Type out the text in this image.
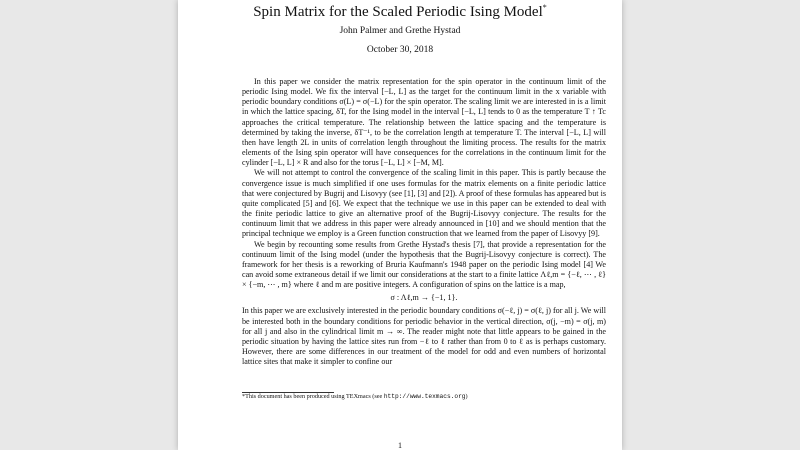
Spin Matrix for the Scaled Periodic Ising Model*
John Palmer and Grethe Hystad
October 30, 2018

In this paper we consider the matrix representation for the spin operator in the continuum limit of the periodic Ising model. We fix the interval [−L, L] as the target for the continuum limit in the x variable with periodic boundary conditions σ(L) = σ(−L) for the spin operator. The scaling limit we are interested in is a limit in which the lattice spacing, δT, for the Ising model in the interval [−L, L] tends to 0 as the temperature T ↑ Tc approaches the critical temperature. The relationship between the lattice spacing and the temperature is determined by taking the inverse, δT⁻¹, to be the correlation length at temperature T. The interval [−L, L] will then have length 2L in units of correlation length throughout the limiting process. The results for the matrix elements of the Ising spin operator will have consequences for the correlations in the continuum limit for the cylinder [−L, L] × R and also for the torus [−L, L] × [−M, M].

We will not attempt to control the convergence of the scaling limit in this paper. This is partly because the convergence issue is much simplified if one uses formulas for the matrix elements on a finite periodic lattice that were conjectured by Bugrij and Lisovyy (see [1], [3] and [2]). A proof of these formulas has appeared but is quite complicated [5] and [6]. We expect that the technique we use in this paper can be extended to deal with the finite periodic lattice to give an alternative proof of the Bugrij-Lisovyy conjecture. The results for the continuum limit that we address in this paper were already announced in [10] and we should mention that the principal technique we employ is a Green function construction that we learned from the paper of Lisovyy [9].

We begin by recounting some results from Grethe Hystad's thesis [7], that provide a representation for the continuum limit of the Ising model (under the hypothesis that the Bugrij-Lisovyy conjecture is correct). The framework for her thesis is a reworking of Bruria Kaufmann's 1948 paper on the periodic Ising model [4] We can avoid some extraneous detail if we limit our considerations at the start to a finite lattice Λℓ,m = {−ℓ, ⋯ , ℓ} × {−m, ⋯ , m} where ℓ and m are positive integers. A configuration of spins on the lattice is a map,

σ : Λℓ,m → {−1, 1}.

In this paper we are exclusively interested in the periodic boundary conditions σ(−ℓ, j) = σ(ℓ, j) for all j. We will be interested both in the boundary conditions for periodic behavior in the vertical direction, σ(j, −m) = σ(j, m) for all j and also in the cylindrical limit m → ∞. The reader might note that little appears to be gained in the periodic situation by having the lattice sites run from −ℓ to ℓ rather than from 0 to ℓ as is perhaps customary. However, there are some differences in our treatment of the model for odd and even numbers of horizontal lattice sites that make it simpler to confine our

*This document has been produced using TEXmacs (see http://www.texmacs.org)
1
